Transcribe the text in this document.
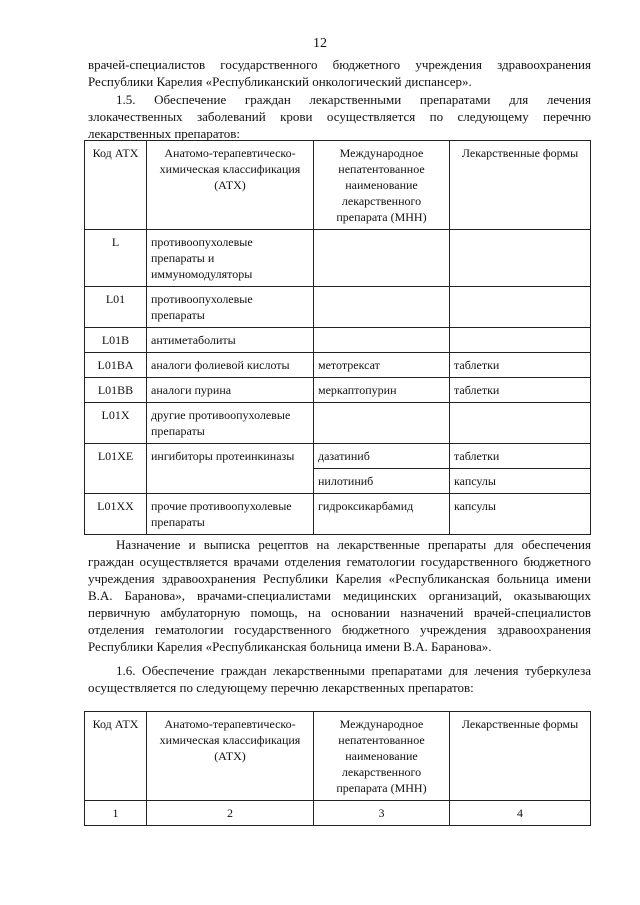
12

врачей-специалистов государственного бюджетного учреждения здравоохранения Республики Карелия «Республиканский онкологический диспансер».

1.5. Обеспечение граждан лекарственными препаратами для лечения злокачественных заболеваний крови осуществляется по следующему перечню лекарственных препаратов:

Код АТХ	Анатомо-терапевтическо-химическая классификация (АТХ)	Международное непатентованное наименование лекарственного препарата (МНН)	Лекарственные формы
L	противоопухолевые препараты и иммуномодуляторы		
L01	противоопухолевые препараты		
L01B	антиметаболиты		
L01BA	аналоги фолиевой кислоты	метотрексат	таблетки
L01BB	аналоги пурина	меркаптопурин	таблетки
L01X	другие противоопухолевые препараты		
L01XE	ингибиторы протеинкиназы	дазатиниб	таблетки
		нилотиниб	капсулы
L01XX	прочие противоопухолевые препараты	гидроксикарбамид	капсулы

Назначение и выписка рецептов на лекарственные препараты для обеспечения граждан осуществляется врачами отделения гематологии государственного бюджетного учреждения здравоохранения Республики Карелия «Республиканская больница имени В.А. Баранова», врачами-специалистами медицинских организаций, оказывающих первичную амбулаторную помощь, на основании назначений врачей-специалистов отделения гематологии государственного бюджетного учреждения здравоохранения Республики Карелия «Республиканская больница имени В.А. Баранова».

1.6. Обеспечение граждан лекарственными препаратами для лечения туберкулеза осуществляется по следующему перечню лекарственных препаратов:

Код АТХ	Анатомо-терапевтическо-химическая классификация (АТХ)	Международное непатентованное наименование лекарственного препарата (МНН)	Лекарственные формы
1	2	3	4
